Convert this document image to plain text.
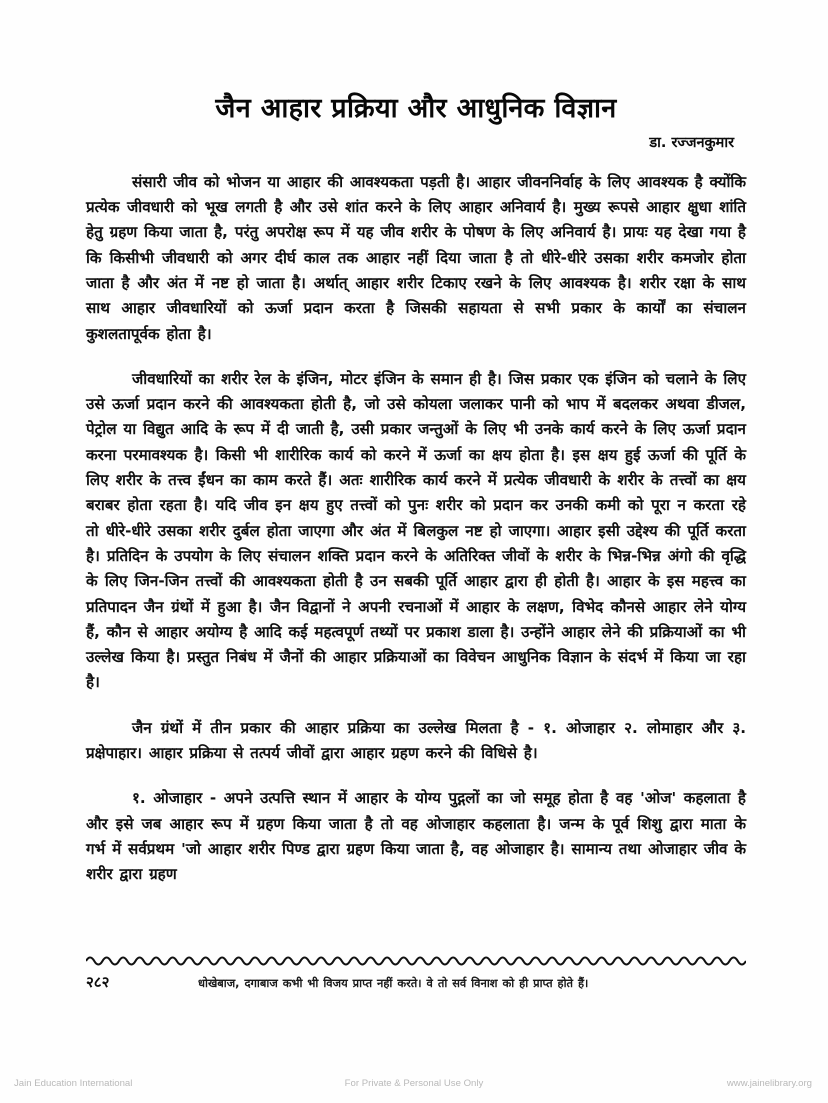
जैन आहार प्रक्रिया और आधुनिक विज्ञान
डा. रज्जनकुमार

संसारी जीव को भोजन या आहार की आवश्यकता पड़ती है। आहार जीवननिर्वाह के लिए आवश्यक है क्योंकि प्रत्येक जीवधारी को भूख लगती है और उसे शांत करने के लिए आहार अनिवार्य है। मुख्य रूपसे आहार क्षुधा शांति हेतु ग्रहण किया जाता है, परंतु अपरोक्ष रूप में यह जीव शरीर के पोषण के लिए अनिवार्य है। प्रायः यह देखा गया है कि किसीभी जीवधारी को अगर दीर्घ काल तक आहार नहीं दिया जाता है तो धीरे-धीरे उसका शरीर कमजोर होता जाता है और अंत में नष्ट हो जाता है। अर्थात् आहार शरीर टिकाए रखने के लिए आवश्यक है। शरीर रक्षा के साथ साथ आहार जीवधारियों को ऊर्जा प्रदान करता है जिसकी सहायता से सभी प्रकार के कार्यों का संचालन कुशलतापूर्वक होता है।

जीवधारियों का शरीर रेल के इंजिन, मोटर इंजिन के समान ही है। जिस प्रकार एक इंजिन को चलाने के लिए उसे ऊर्जा प्रदान करने की आवश्यकता होती है, जो उसे कोयला जलाकर पानी को भाप में बदलकर अथवा डीजल, पेट्रोल या विद्युत आदि के रूप में दी जाती है, उसी प्रकार जन्तुओं के लिए भी उनके कार्य करने के लिए ऊर्जा प्रदान करना परमावश्यक है। किसी भी शारीरिक कार्य को करने में ऊर्जा का क्षय होता है। इस क्षय हुई ऊर्जा की पूर्ति के लिए शरीर के तत्त्व ईंधन का काम करते हैं। अतः शारीरिक कार्य करने में प्रत्येक जीवधारी के शरीर के तत्त्वों का क्षय बराबर होता रहता है। यदि जीव इन क्षय हुए तत्त्वों को पुनः शरीर को प्रदान कर उनकी कमी को पूरा न करता रहे तो धीरे-धीरे उसका शरीर दुर्बल होता जाएगा और अंत में बिलकुल नष्ट हो जाएगा। आहार इसी उद्देश्य की पूर्ति करता है। प्रतिदिन के उपयोग के लिए संचालन शक्ति प्रदान करने के अतिरिक्त जीवों के शरीर के भिन्न-भिन्न अंगो की वृद्धि के लिए जिन-जिन तत्त्वों की आवश्यकता होती है उन सबकी पूर्ति आहार द्वारा ही होती है। आहार के इस महत्त्व का प्रतिपादन जैन ग्रंथों में हुआ है। जैन विद्वानों ने अपनी रचनाओं में आहार के लक्षण, विभेद कौनसे आहार लेने योग्य हैं, कौन से आहार अयोग्य है आदि कई महत्वपूर्ण तथ्यों पर प्रकाश डाला है। उन्होंने आहार लेने की प्रक्रियाओं का भी उल्लेख किया है। प्रस्तुत निबंध में जैनों की आहार प्रक्रियाओं का विवेचन आधुनिक विज्ञान के संदर्भ में किया जा रहा है।

जैन ग्रंथों में तीन प्रकार की आहार प्रक्रिया का उल्लेख मिलता है - १. ओजाहार २. लोमाहार और ३. प्रक्षेपाहार। आहार प्रक्रिया से तत्पर्य जीवों द्वारा आहार ग्रहण करने की विधिसे है।

१. ओजाहार - अपने उत्पत्ति स्थान में आहार के योग्य पुद्गलों का जो समूह होता है वह 'ओज' कहलाता है और इसे जब आहार रूप में ग्रहण किया जाता है तो वह ओजाहार कहलाता है। जन्म के पूर्व शिशु द्वारा माता के गर्भ में सर्वप्रथम 'जो आहार शरीर पिण्ड द्वारा ग्रहण किया जाता है, वह ओजाहार है। सामान्य तथा ओजाहार जीव के शरीर द्वारा ग्रहण

२८२	धोखेबाज, दगाबाज कभी भी विजय प्राप्त नहीं करते। वे तो सर्व विनाश को ही प्राप्त होते हैं।
Jain Education International	For Private & Personal Use Only	www.jainelibrary.org
